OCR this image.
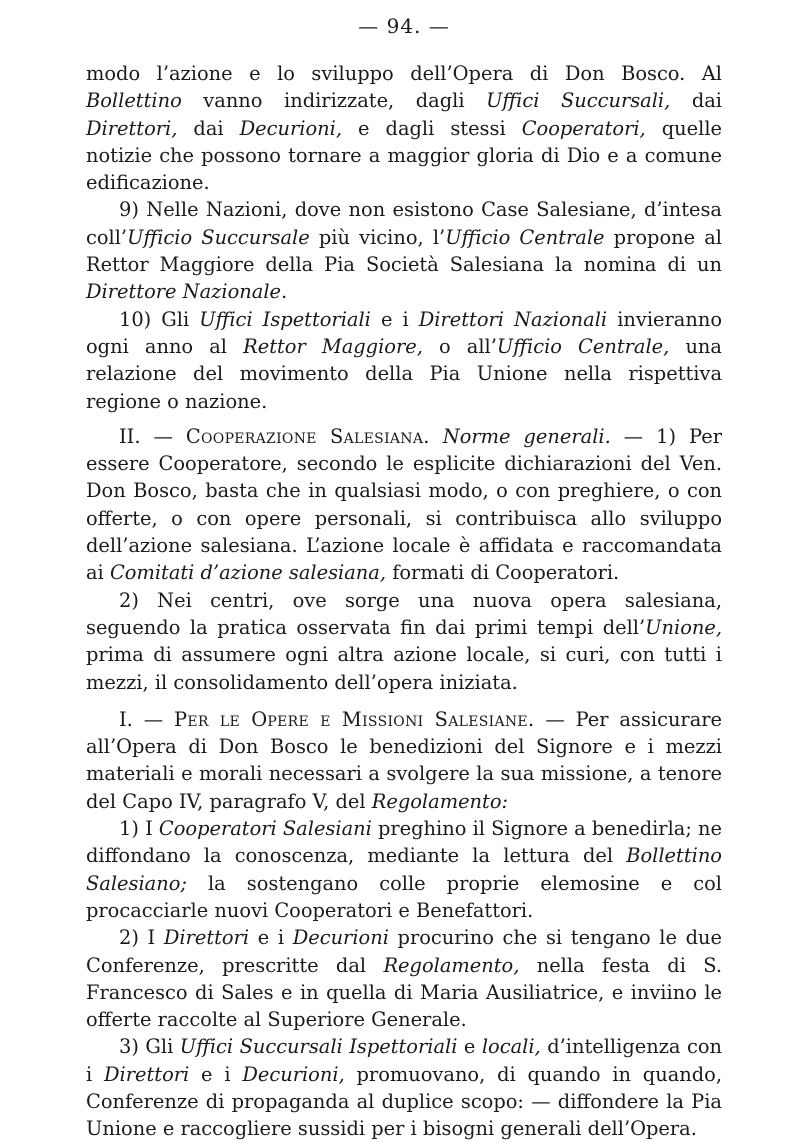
— 94. —

modo l’azione e lo sviluppo dell’Opera di Don Bosco. Al Bollettino vanno indirizzate, dagli Uffici Succursali, dai Direttori, dai Decurioni, e dagli stessi Cooperatori, quelle notizie che possono tornare a maggior gloria di Dio e a comune edificazione.

9) Nelle Nazioni, dove non esistono Case Salesiane, d’intesa coll’Ufficio Succursale più vicino, l’Ufficio Centrale propone al Rettor Maggiore della Pia Società Salesiana la nomina di un Direttore Nazionale.

10) Gli Uffici Ispettoriali e i Direttori Nazionali invieranno ogni anno al Rettor Maggiore, o all’Ufficio Centrale, una relazione del movimento della Pia Unione nella rispettiva regione o nazione.

II. — Cooperazione Salesiana. Norme generali. — 1) Per essere Cooperatore, secondo le esplicite dichiarazioni del Ven. Don Bosco, basta che in qualsiasi modo, o con preghiere, o con offerte, o con opere personali, si contribuisca allo sviluppo dell’azione salesiana. L’azione locale è affidata e raccomandata ai Comitati d’azione salesiana, formati di Cooperatori.

2) Nei centri, ove sorge una nuova opera salesiana, seguendo la pratica osservata fin dai primi tempi dell’Unione, prima di assumere ogni altra azione locale, si curi, con tutti i mezzi, il consolidamento dell’opera iniziata.

I. — Per le Opere e Missioni Salesiane. — Per assicurare all’Opera di Don Bosco le benedizioni del Signore e i mezzi materiali e morali necessari a svolgere la sua missione, a tenore del Capo IV, paragrafo V, del Regolamento:

1) I Cooperatori Salesiani preghino il Signore a benedirla; ne diffondano la conoscenza, mediante la lettura del Bollettino Salesiano; la sostengano colle proprie elemosine e col procacciarle nuovi Cooperatori e Benefattori.

2) I Direttori e i Decurioni procurino che si tengano le due Conferenze, prescritte dal Regolamento, nella festa di S. Francesco di Sales e in quella di Maria Ausiliatrice, e inviino le offerte raccolte al Superiore Generale.

3) Gli Uffici Succursali Ispettoriali e locali, d’intelligenza con i Direttori e i Decurioni, promuovano, di quando in quando, Conferenze di propaganda al duplice scopo: — diffondere la Pia Unione e raccogliere sussidi per i bisogni generali dell’Opera.
